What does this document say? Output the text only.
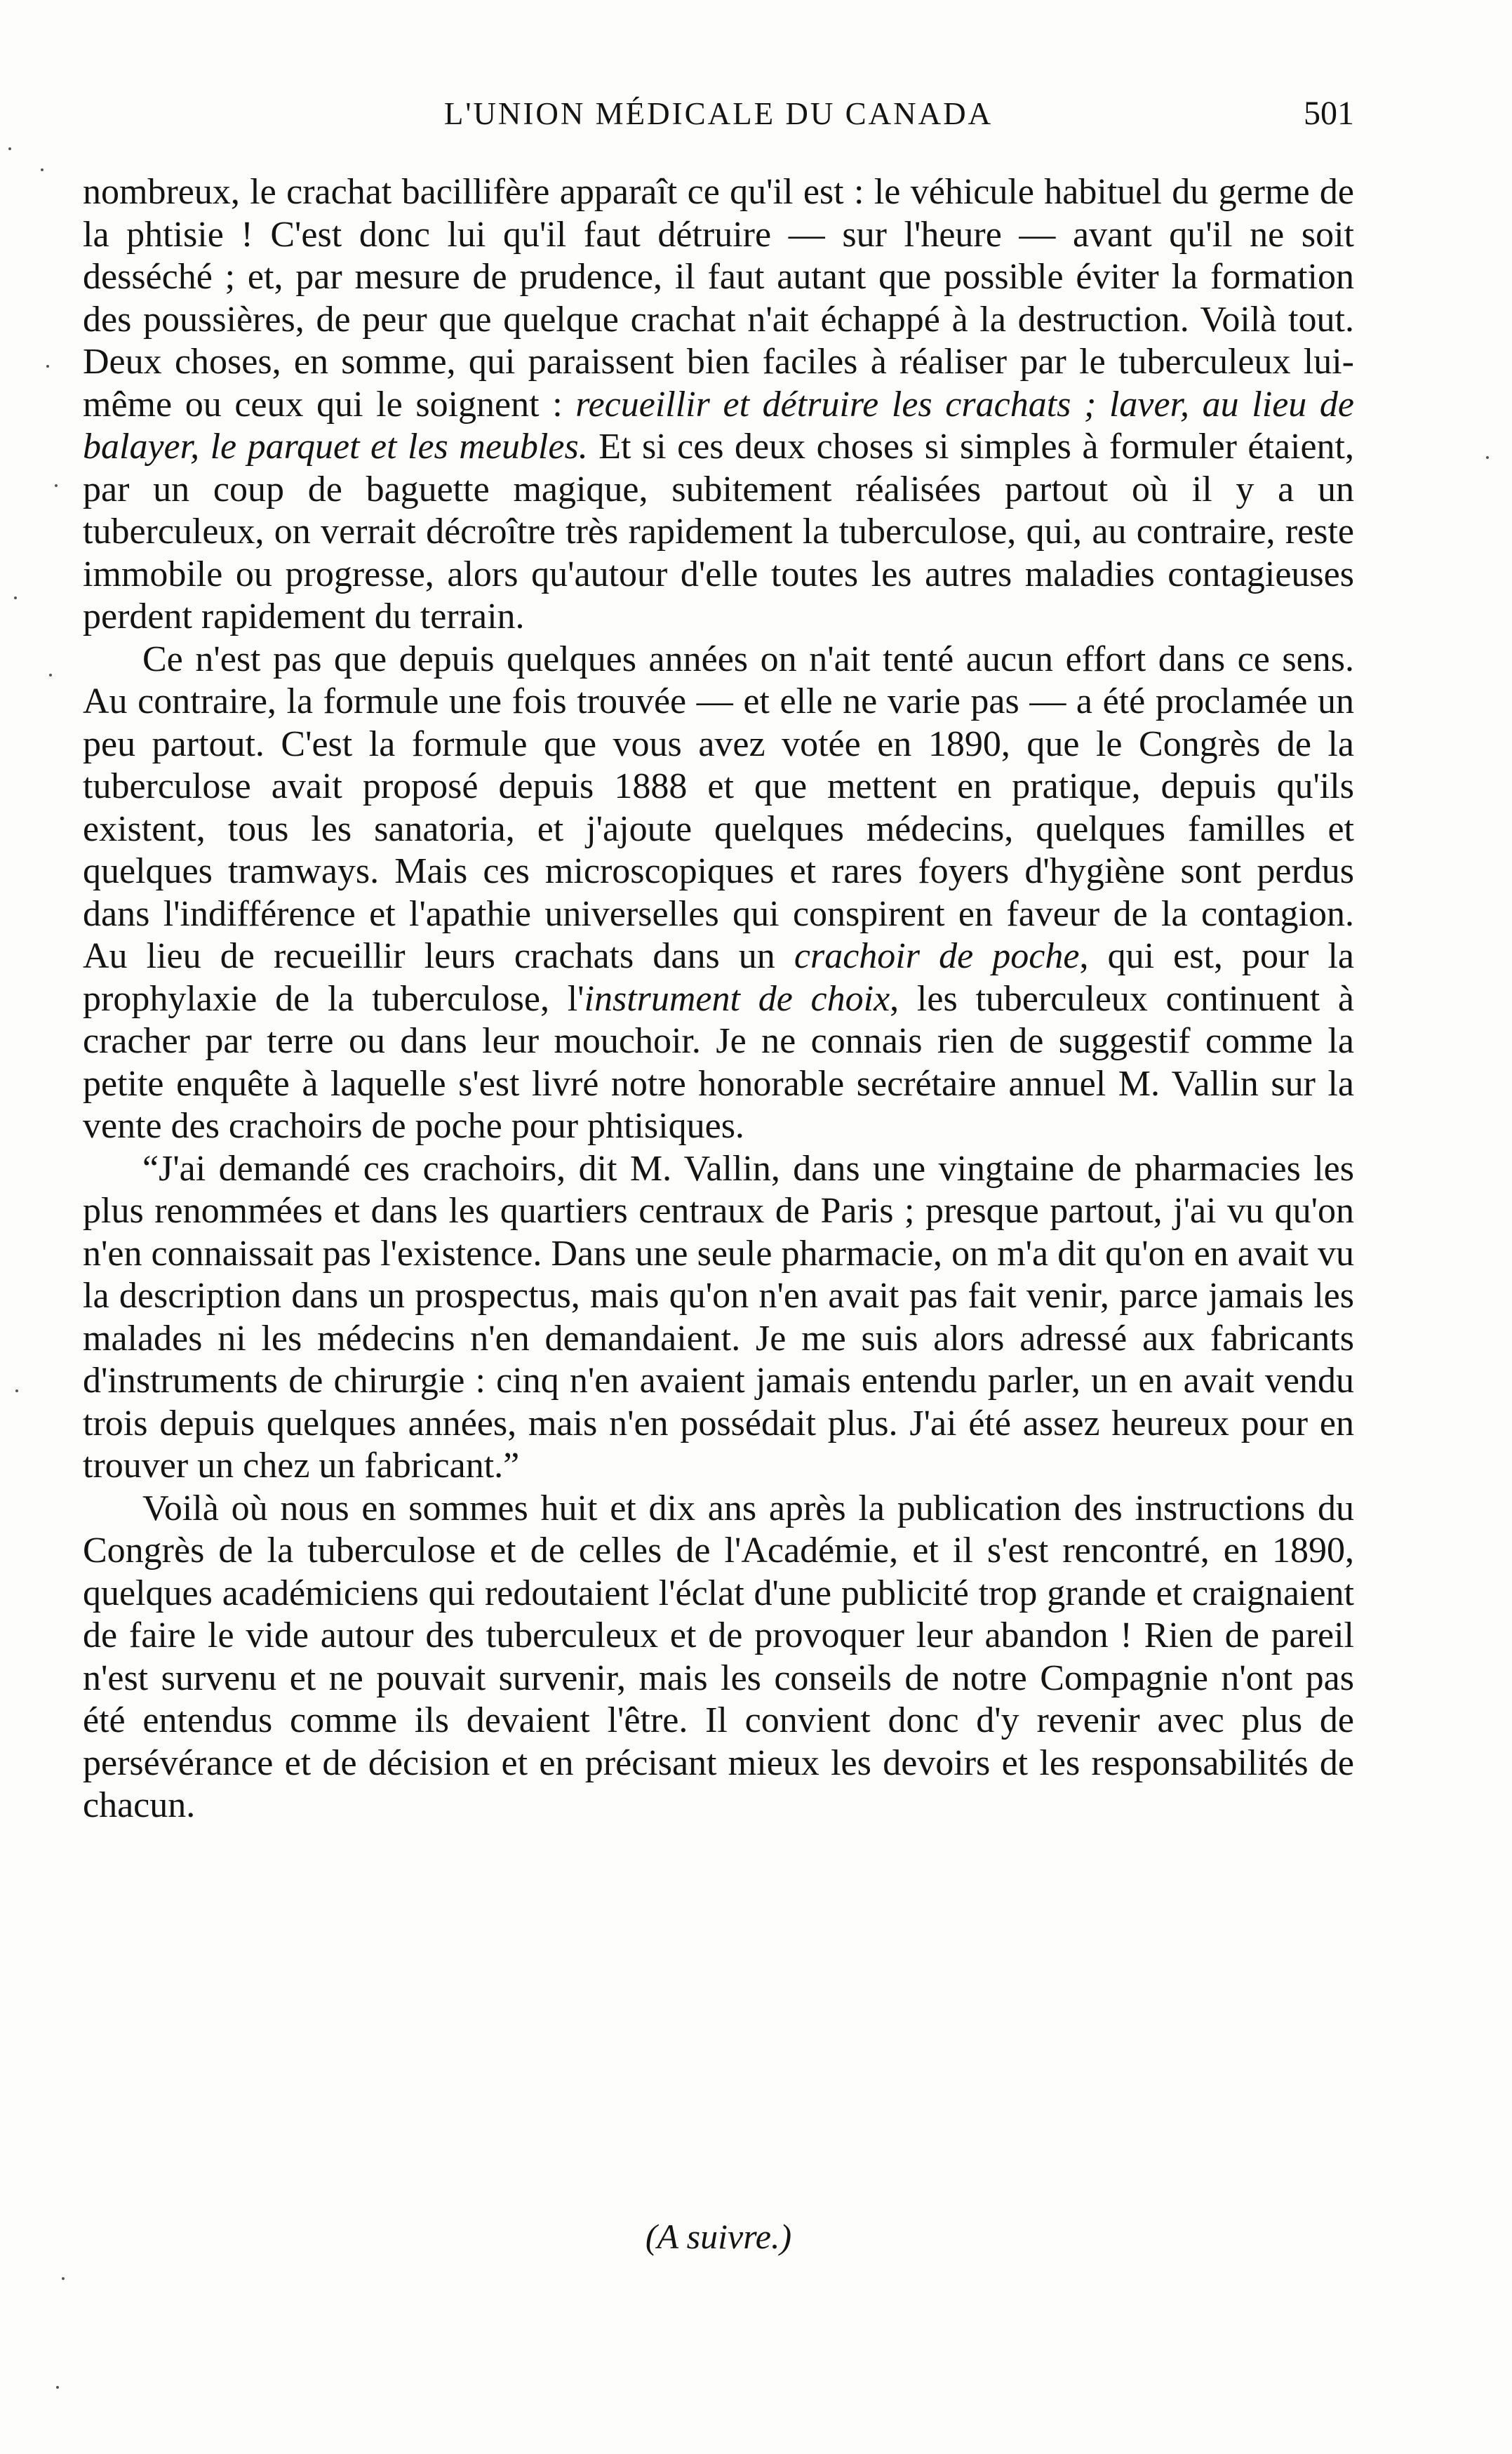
L'UNION MÉDICALE DU CANADA	501

nombreux, le crachat bacillifère apparaît ce qu'il est : le véhicule habituel du germe de la phtisie ! C'est donc lui qu'il faut détruire — sur l'heure — avant qu'il ne soit desséché ; et, par mesure de prudence, il faut autant que possible éviter la formation des poussières, de peur que quelque crachat n'ait échappé à la destruction. Voilà tout. Deux choses, en somme, qui paraissent bien faciles à réaliser par le tuberculeux lui-même ou ceux qui le soignent : recueillir et détruire les crachats ; laver, au lieu de balayer, le parquet et les meubles. Et si ces deux choses si simples à formuler étaient, par un coup de baguette magique, subitement réalisées partout où il y a un tuberculeux, on verrait décroître très rapidement la tuberculose, qui, au contraire, reste immobile ou progresse, alors qu'autour d'elle toutes les autres maladies contagieuses perdent rapidement du terrain.

Ce n'est pas que depuis quelques années on n'ait tenté aucun effort dans ce sens. Au contraire, la formule une fois trouvée — et elle ne varie pas — a été proclamée un peu partout. C'est la formule que vous avez votée en 1890, que le Congrès de la tuberculose avait proposé depuis 1888 et que mettent en pratique, depuis qu'ils existent, tous les sanatoria, et j'ajoute quelques médecins, quelques familles et quelques tramways. Mais ces microscopiques et rares foyers d'hygiène sont perdus dans l'indifférence et l'apathie universelles qui conspirent en faveur de la contagion. Au lieu de recueillir leurs crachats dans un crachoir de poche, qui est, pour la prophylaxie de la tuberculose, l'instrument de choix, les tuberculeux continuent à cracher par terre ou dans leur mouchoir. Je ne connais rien de suggestif comme la petite enquête à laquelle s'est livré notre honorable secrétaire annuel M. Vallin sur la vente des crachoirs de poche pour phtisiques.

“J'ai demandé ces crachoirs, dit M. Vallin, dans une vingtaine de pharmacies les plus renommées et dans les quartiers centraux de Paris ; presque partout, j'ai vu qu'on n'en connaissait pas l'existence. Dans une seule pharmacie, on m'a dit qu'on en avait vu la description dans un prospectus, mais qu'on n'en avait pas fait venir, parce jamais les malades ni les médecins n'en demandaient. Je me suis alors adressé aux fabricants d'instruments de chirurgie : cinq n'en avaient jamais entendu parler, un en avait vendu trois depuis quelques années, mais n'en possédait plus. J'ai été assez heureux pour en trouver un chez un fabricant.”

Voilà où nous en sommes huit et dix ans après la publication des instructions du Congrès de la tuberculose et de celles de l'Académie, et il s'est rencontré, en 1890, quelques académiciens qui redoutaient l'éclat d'une publicité trop grande et craignaient de faire le vide autour des tuberculeux et de provoquer leur abandon ! Rien de pareil n'est survenu et ne pouvait survenir, mais les conseils de notre Compagnie n'ont pas été entendus comme ils devaient l'être. Il convient donc d'y revenir avec plus de persévérance et de décision et en précisant mieux les devoirs et les responsabilités de chacun.

(A suivre.)
